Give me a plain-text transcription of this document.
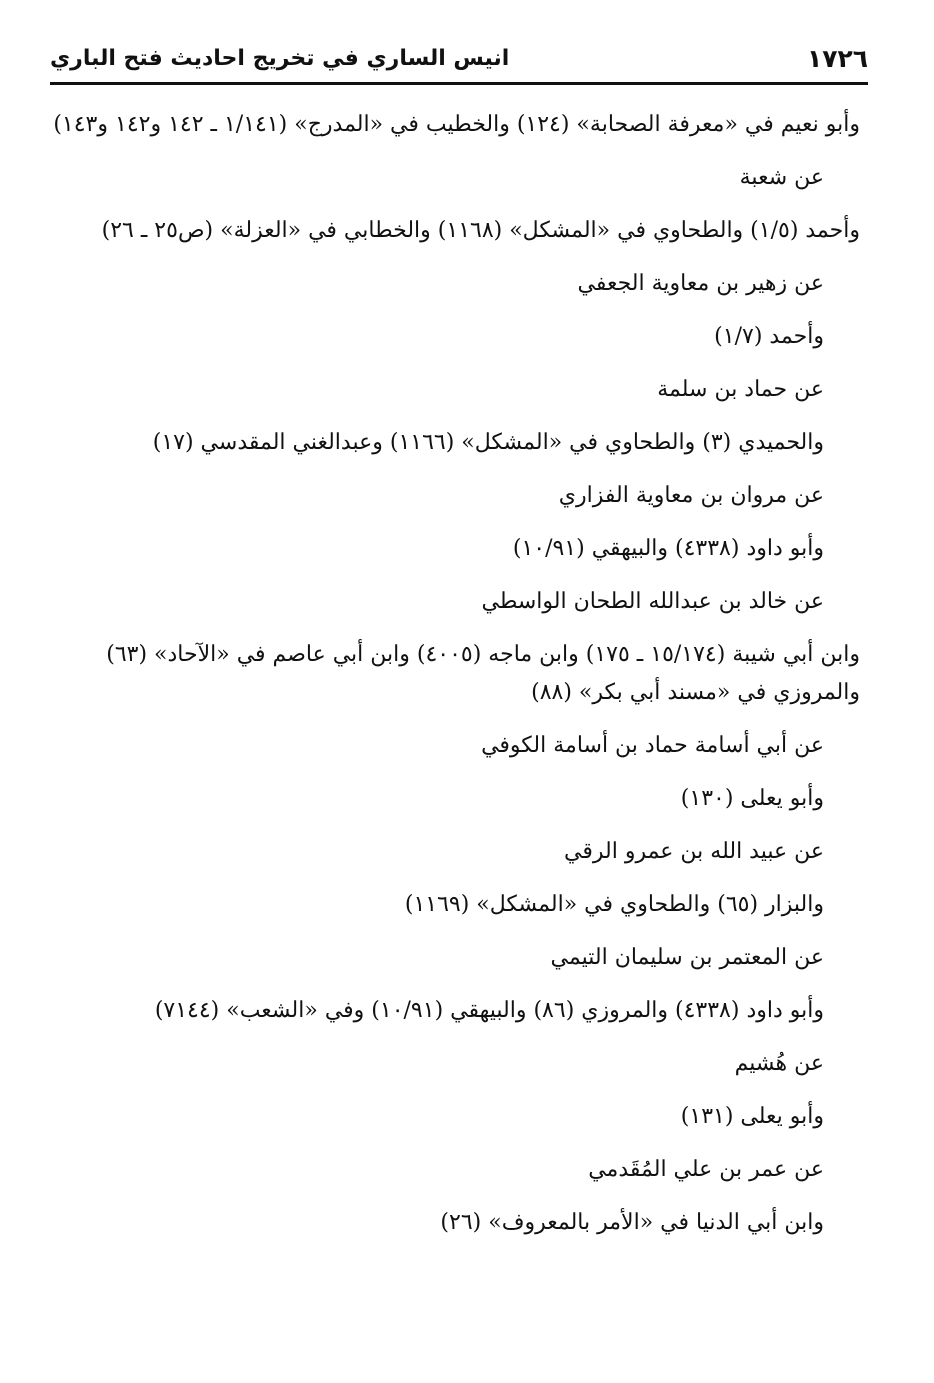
١٧٢٦
انيس الساري في تخريج احاديث فتح الباري

وأبو نعيم في «معرفة الصحابة» (١٢٤) والخطيب في «المدرج» (١/١٤١ ـ ١٤٢ و١٤٢ و١٤٣)

عن شعبة

وأحمد (١/٥) والطحاوي في «المشكل» (١١٦٨) والخطابي في «العزلة» (ص٢٥ ـ ٢٦)

عن زهير بن معاوية الجعفي

وأحمد (١/٧)

عن حماد بن سلمة

والحميدي (٣) والطحاوي في «المشكل» (١١٦٦) وعبدالغني المقدسي (١٧)

عن مروان بن معاوية الفزاري

وأبو داود (٤٣٣٨) والبيهقي (١٠/٩١)

عن خالد بن عبدالله الطحان الواسطي

وابن أبي شيبة (١٥/١٧٤ ـ ١٧٥) وابن ماجه (٤٠٠٥) وابن أبي عاصم في «الآحاد» (٦٣) والمروزي في «مسند أبي بكر» (٨٨)

عن أبي أسامة حماد بن أسامة الكوفي

وأبو يعلى (١٣٠)

عن عبيد الله بن عمرو الرقي

والبزار (٦٥) والطحاوي في «المشكل» (١١٦٩)

عن المعتمر بن سليمان التيمي

وأبو داود (٤٣٣٨) والمروزي (٨٦) والبيهقي (١٠/٩١) وفي «الشعب» (٧١٤٤)

عن هُشيم

وأبو يعلى (١٣١)

عن عمر بن علي المُقَدمي

وابن أبي الدنيا في «الأمر بالمعروف» (٢٦)
